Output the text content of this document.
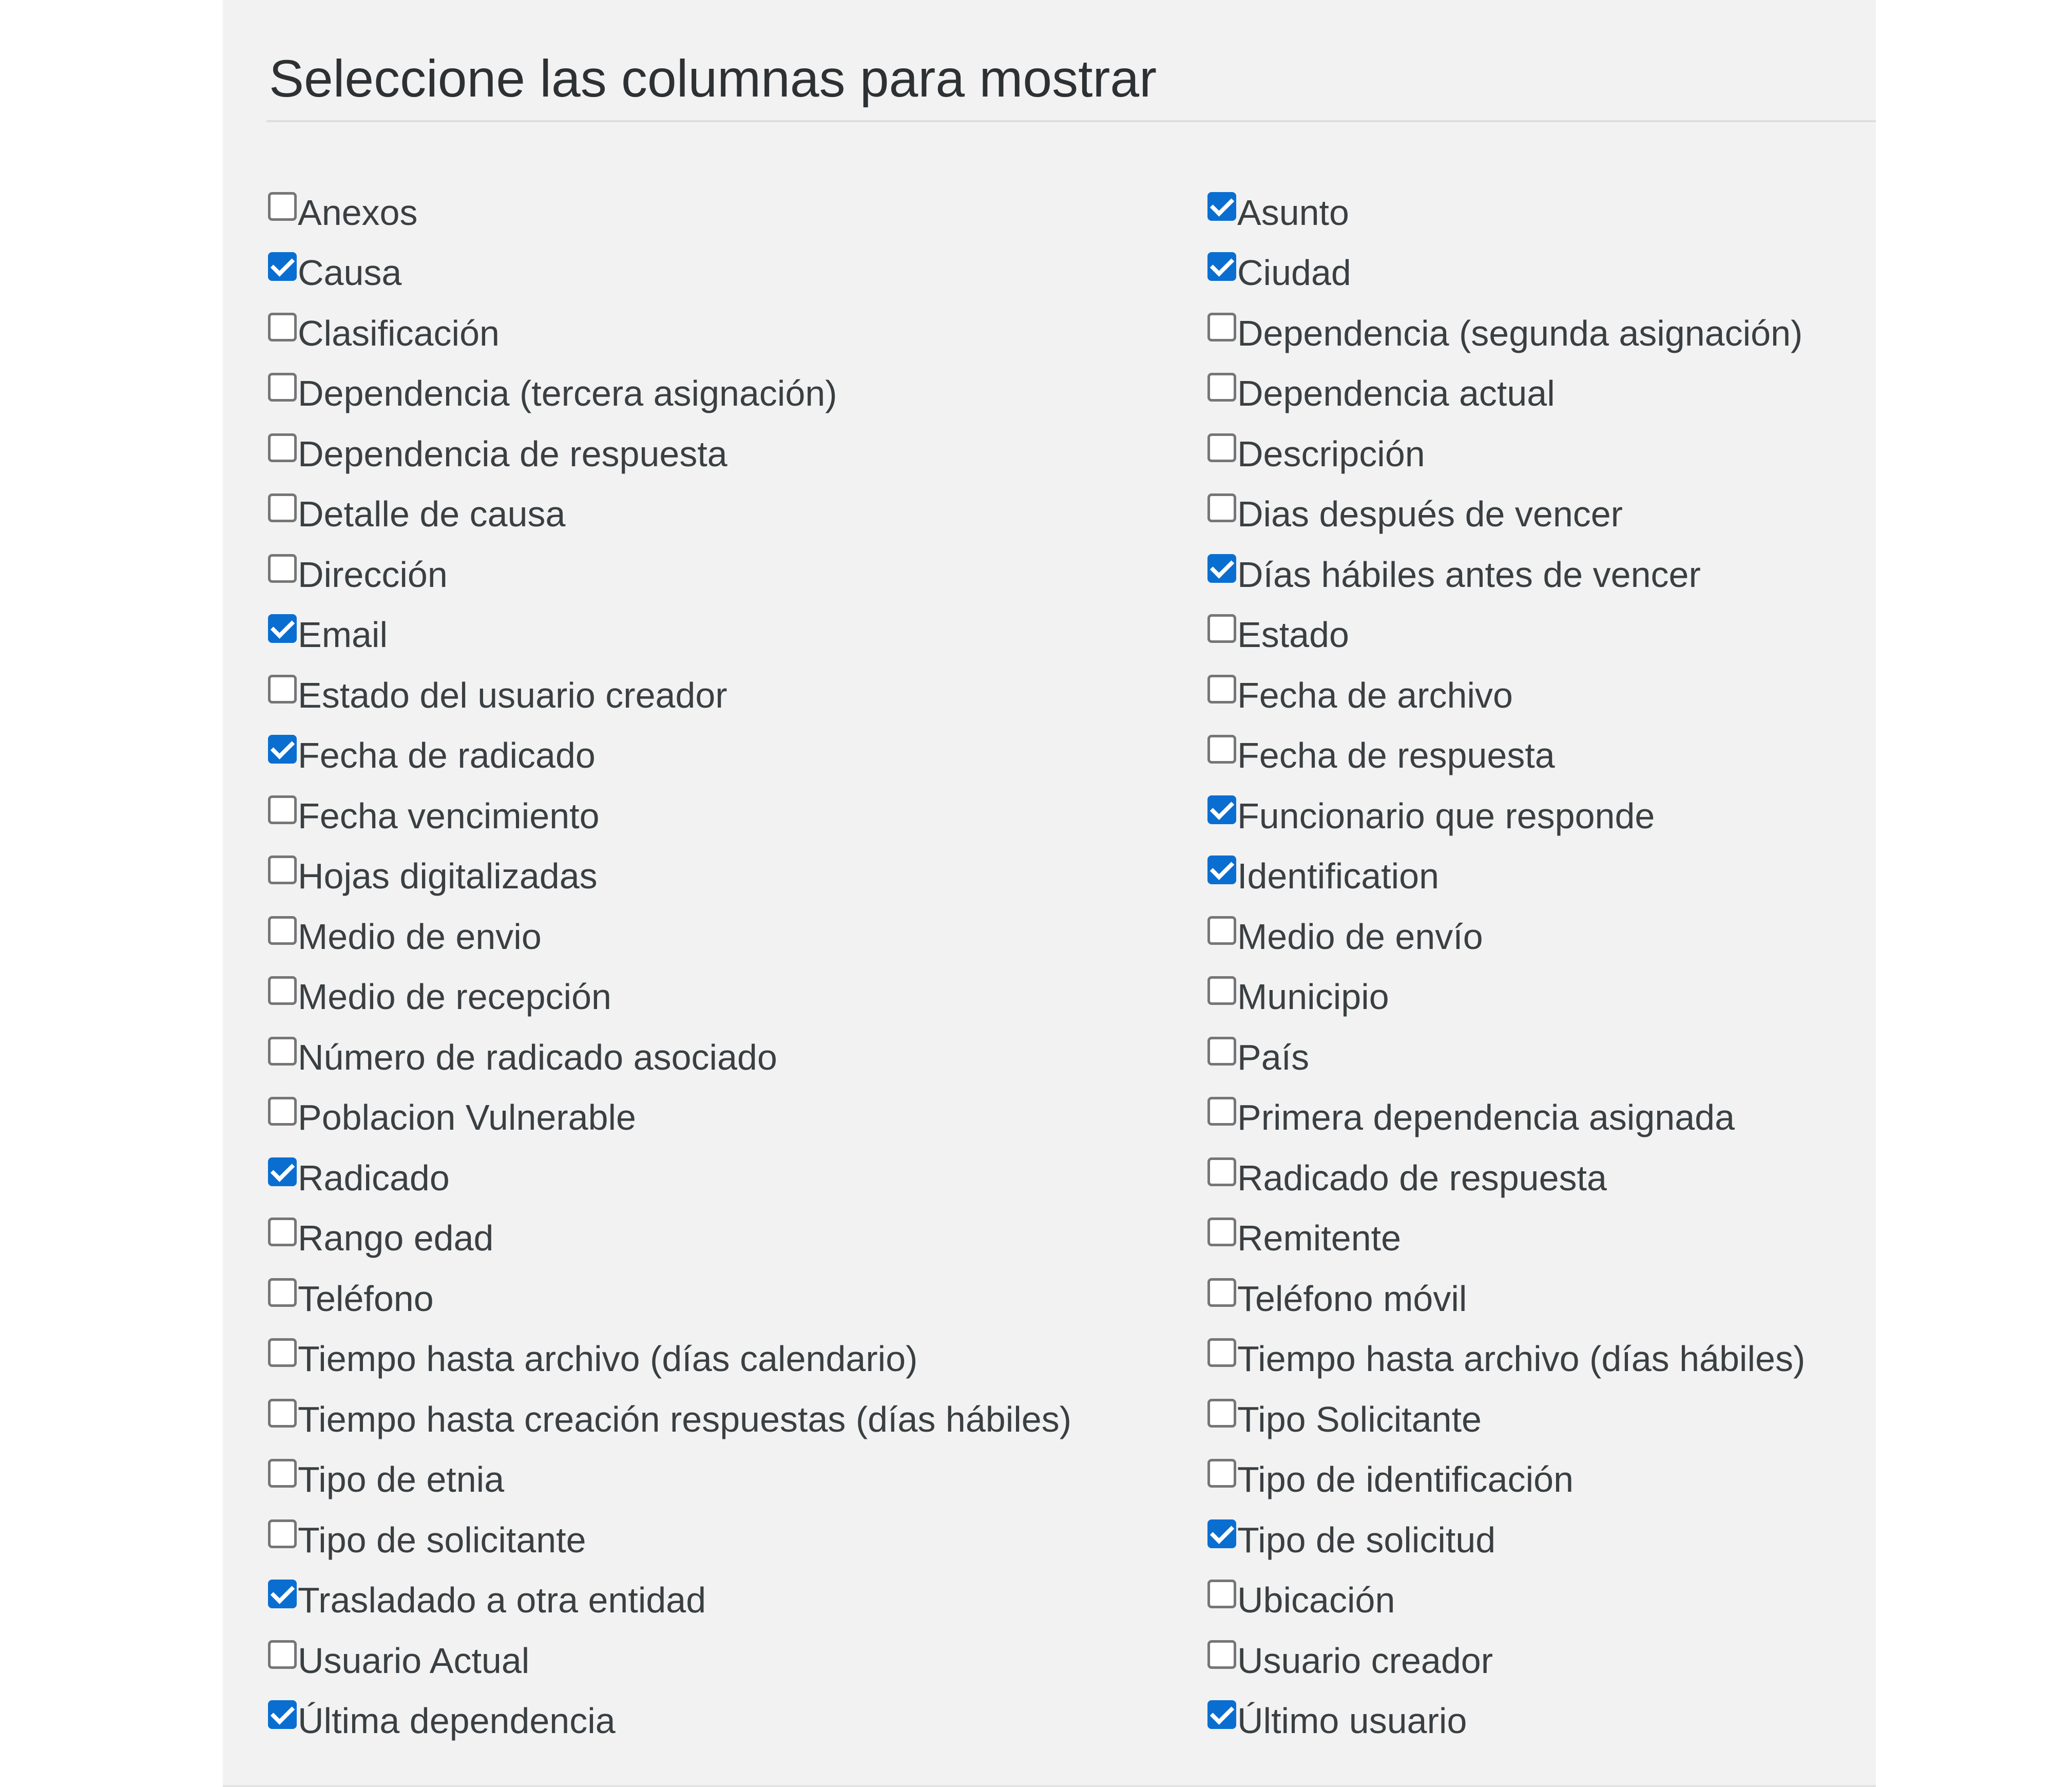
Seleccione las columnas para mostrar
Anexos	Asunto
Causa	Ciudad
Clasificación	Dependencia (segunda asignación)
Dependencia (tercera asignación)	Dependencia actual
Dependencia de respuesta	Descripción
Detalle de causa	Dias después de vencer
Dirección	Días hábiles antes de vencer
Email	Estado
Estado del usuario creador	Fecha de archivo
Fecha de radicado	Fecha de respuesta
Fecha vencimiento	Funcionario que responde
Hojas digitalizadas	Identification
Medio de envio	Medio de envío
Medio de recepción	Municipio
Número de radicado asociado	País
Poblacion Vulnerable	Primera dependencia asignada
Radicado	Radicado de respuesta
Rango edad	Remitente
Teléfono	Teléfono móvil
Tiempo hasta archivo (días calendario)	Tiempo hasta archivo (días hábiles)
Tiempo hasta creación respuestas (días hábiles)	Tipo Solicitante
Tipo de etnia	Tipo de identificación
Tipo de solicitante	Tipo de solicitud
Trasladado a otra entidad	Ubicación
Usuario Actual	Usuario creador
Última dependencia	Último usuario
